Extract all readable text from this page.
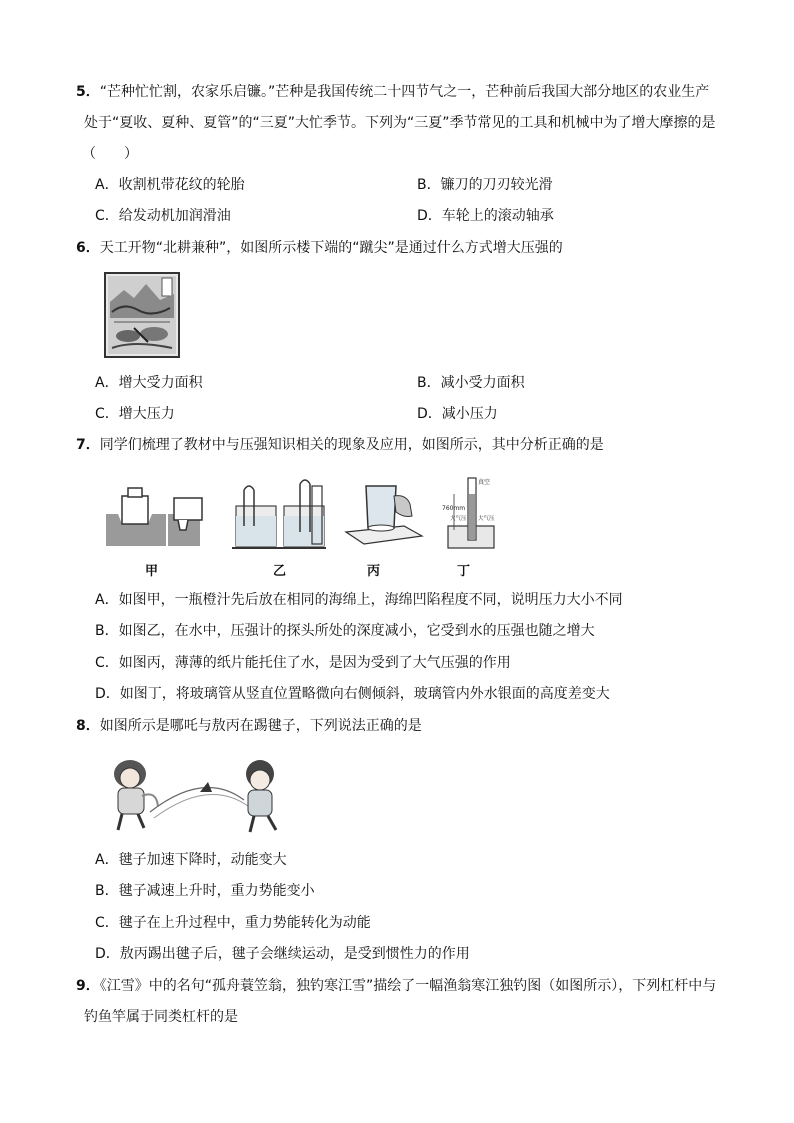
5．“芒种忙忙割，农家乐启镰。”芒种是我国传统二十四节气之一，芒种前后我国大部分地区的农业生产
处于“夏收、夏种、夏管”的“三夏”大忙季节。下列为“三夏”季节常见的工具和机械中为了增大摩擦的是
（　　）
A．收割机带花纹的轮胎	B．镰刀的刀刃较光滑
C．给发动机加润滑油	D．车轮上的滚动轴承
6．天工开物“北耕兼种”，如图所示楼下端的“蹴尖”是通过什么方式增大压强的
A．增大受力面积	B．减小受力面积
C．增大压力	D．减小压力
7．同学们梳理了教材中与压强知识相关的现象及应用，如图所示，其中分析正确的是
真空
760mm
大气压 大气压
甲	乙	丙	丁
A．如图甲，一瓶橙汁先后放在相同的海绵上，海绵凹陷程度不同，说明压力大小不同
B．如图乙，在水中，压强计的探头所处的深度减小，它受到水的压强也随之增大
C．如图丙，薄薄的纸片能托住了水，是因为受到了大气压强的作用
D．如图丁，将玻璃管从竖直位置略微向右侧倾斜，玻璃管内外水银面的高度差变大
8．如图所示是哪吒与敖丙在踢毽子，下列说法正确的是
A．毽子加速下降时，动能变大
B．毽子减速上升时，重力势能变小
C．毽子在上升过程中，重力势能转化为动能
D．敖丙踢出毽子后，毽子会继续运动，是受到惯性力的作用
9．《江雪》中的名句“孤舟蓑笠翁，独钓寒江雪”描绘了一幅渔翁寒江独钓图（如图所示），下列杠杆中与
钓鱼竿属于同类杠杆的是
